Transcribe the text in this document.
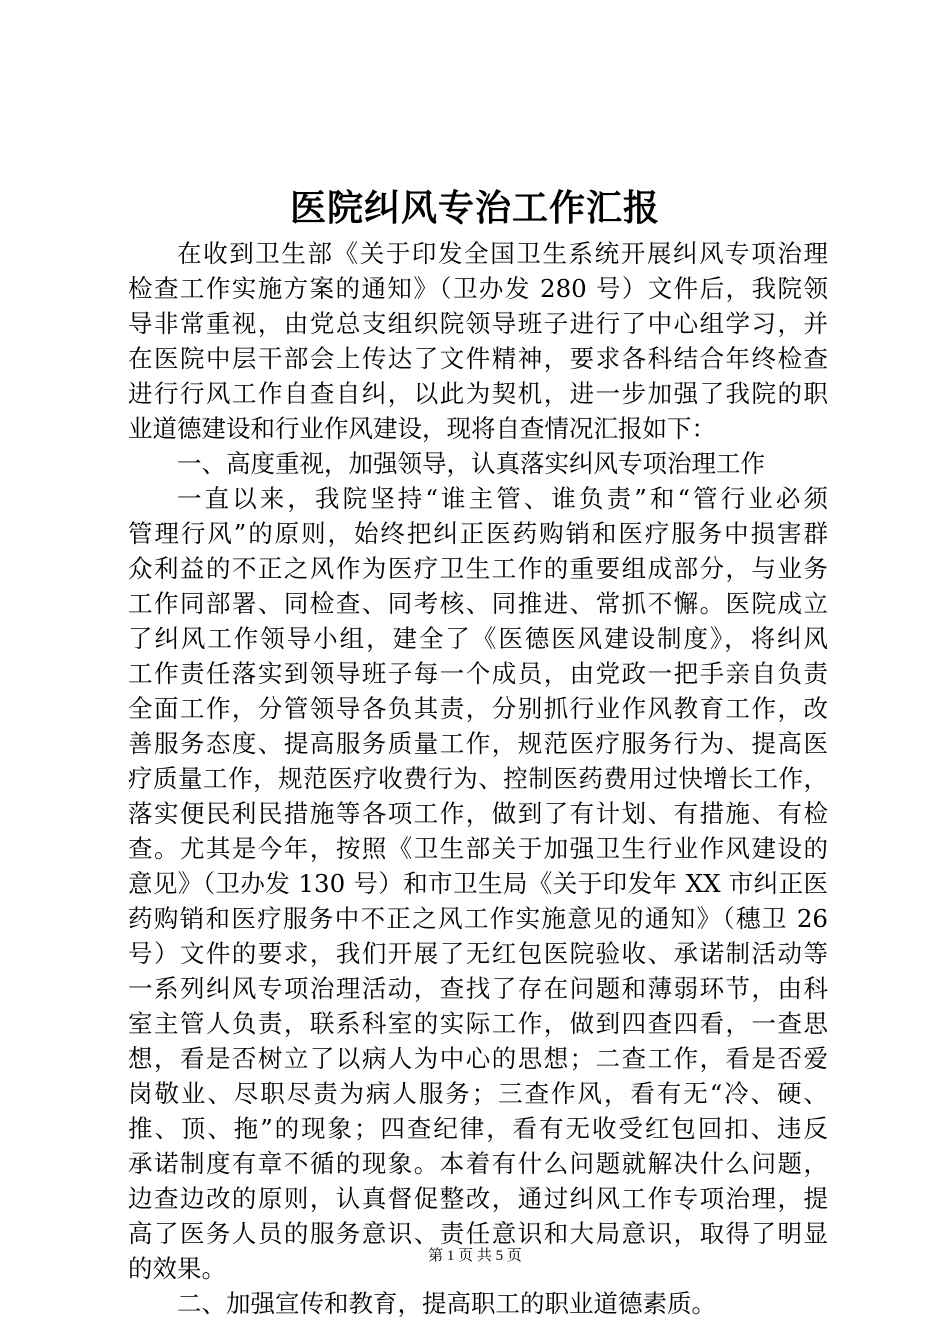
医院纠风专治工作汇报
在收到卫生部《关于印发全国卫生系统开展纠风专项治理
检查工作实施方案的通知》（卫办发 280 号）文件后，我院领
导非常重视，由党总支组织院领导班子进行了中心组学习，并
在医院中层干部会上传达了文件精神，要求各科结合年终检查
进行行风工作自查自纠，以此为契机，进一步加强了我院的职
业道德建设和行业作风建设，现将自查情况汇报如下：
一、高度重视，加强领导，认真落实纠风专项治理工作
一直以来，我院坚持“谁主管、谁负责”和“管行业必须
管理行风”的原则，始终把纠正医药购销和医疗服务中损害群
众利益的不正之风作为医疗卫生工作的重要组成部分，与业务
工作同部署、同检查、同考核、同推进、常抓不懈。医院成立
了纠风工作领导小组，建全了《医德医风建设制度》，将纠风
工作责任落实到领导班子每一个成员，由党政一把手亲自负责
全面工作，分管领导各负其责，分别抓行业作风教育工作，改
善服务态度、提高服务质量工作，规范医疗服务行为、提高医
疗质量工作，规范医疗收费行为、控制医药费用过快增长工作，
落实便民利民措施等各项工作，做到了有计划、有措施、有检
查。尤其是今年，按照《卫生部关于加强卫生行业作风建设的
意见》（卫办发 130 号）和市卫生局《关于印发年 XX 市纠正医
药购销和医疗服务中不正之风工作实施意见的通知》（穗卫 26
号）文件的要求，我们开展了无红包医院验收、承诺制活动等
一系列纠风专项治理活动，查找了存在问题和薄弱环节，由科
室主管人负责，联系科室的实际工作，做到四查四看，一查思
想，看是否树立了以病人为中心的思想；二查工作，看是否爱
岗敬业、尽职尽责为病人服务；三查作风，看有无“冷、硬、
推、顶、拖”的现象；四查纪律，看有无收受红包回扣、违反
承诺制度有章不循的现象。本着有什么问题就解决什么问题，
边查边改的原则，认真督促整改，通过纠风工作专项治理，提
高了医务人员的服务意识、责任意识和大局意识，取得了明显
的效果。
二、加强宣传和教育，提高职工的职业道德素质。
第 1 页 共 5 页
